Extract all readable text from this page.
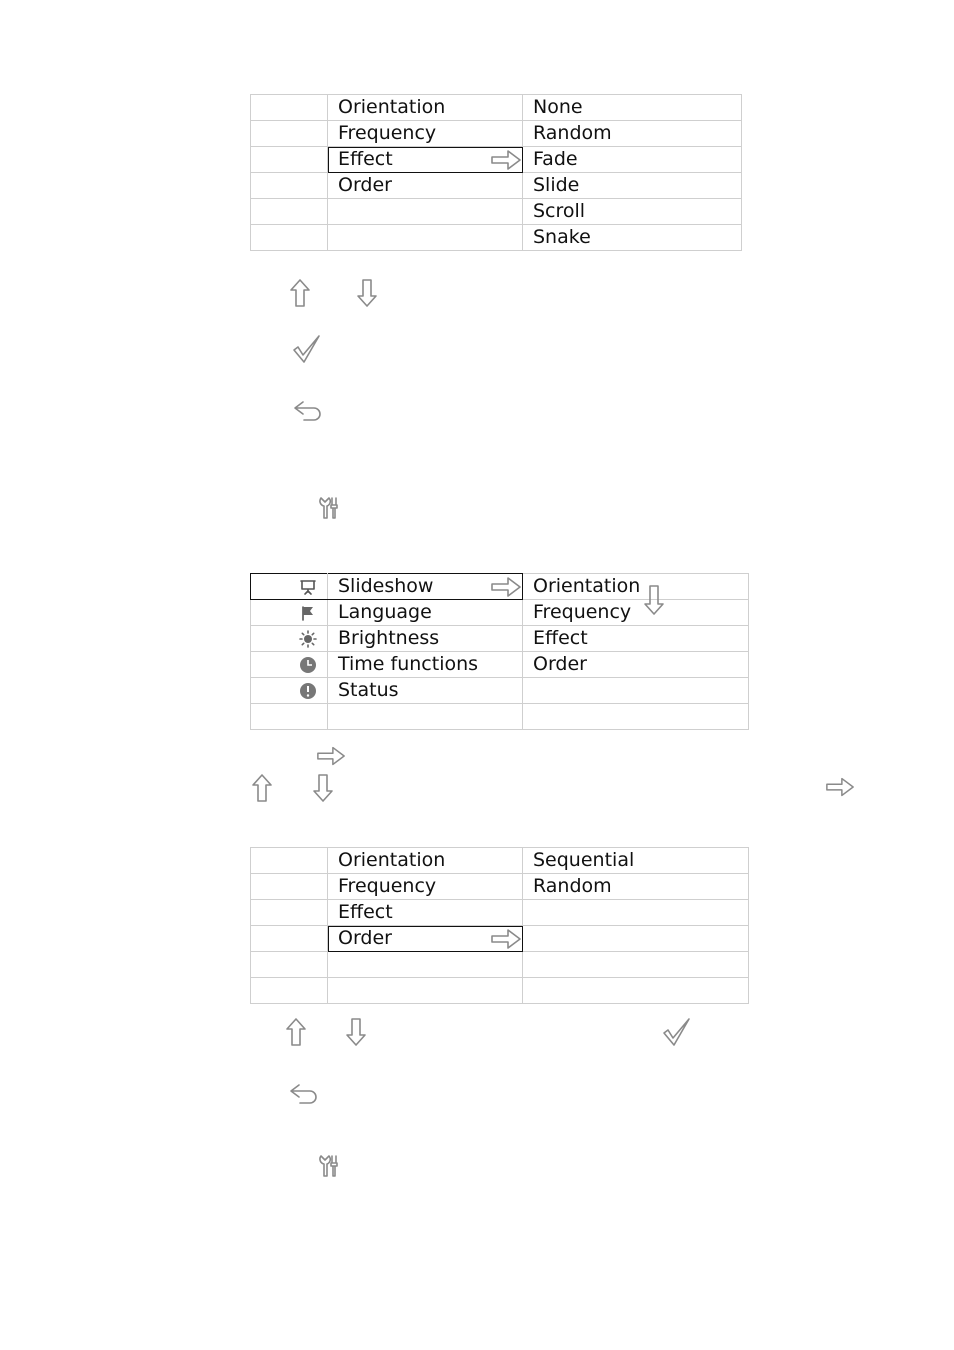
	Orientation	None
	Frequency	Random
	Effect	Fade
	Order	Slide
		Scroll
		Snake
	Slideshow	Orientation

	Language	Frequency
	Brightness	Effect
	Time functions	Order
	Status	

	Orientation	Sequential
	Frequency	Random
	Effect	
	Order
